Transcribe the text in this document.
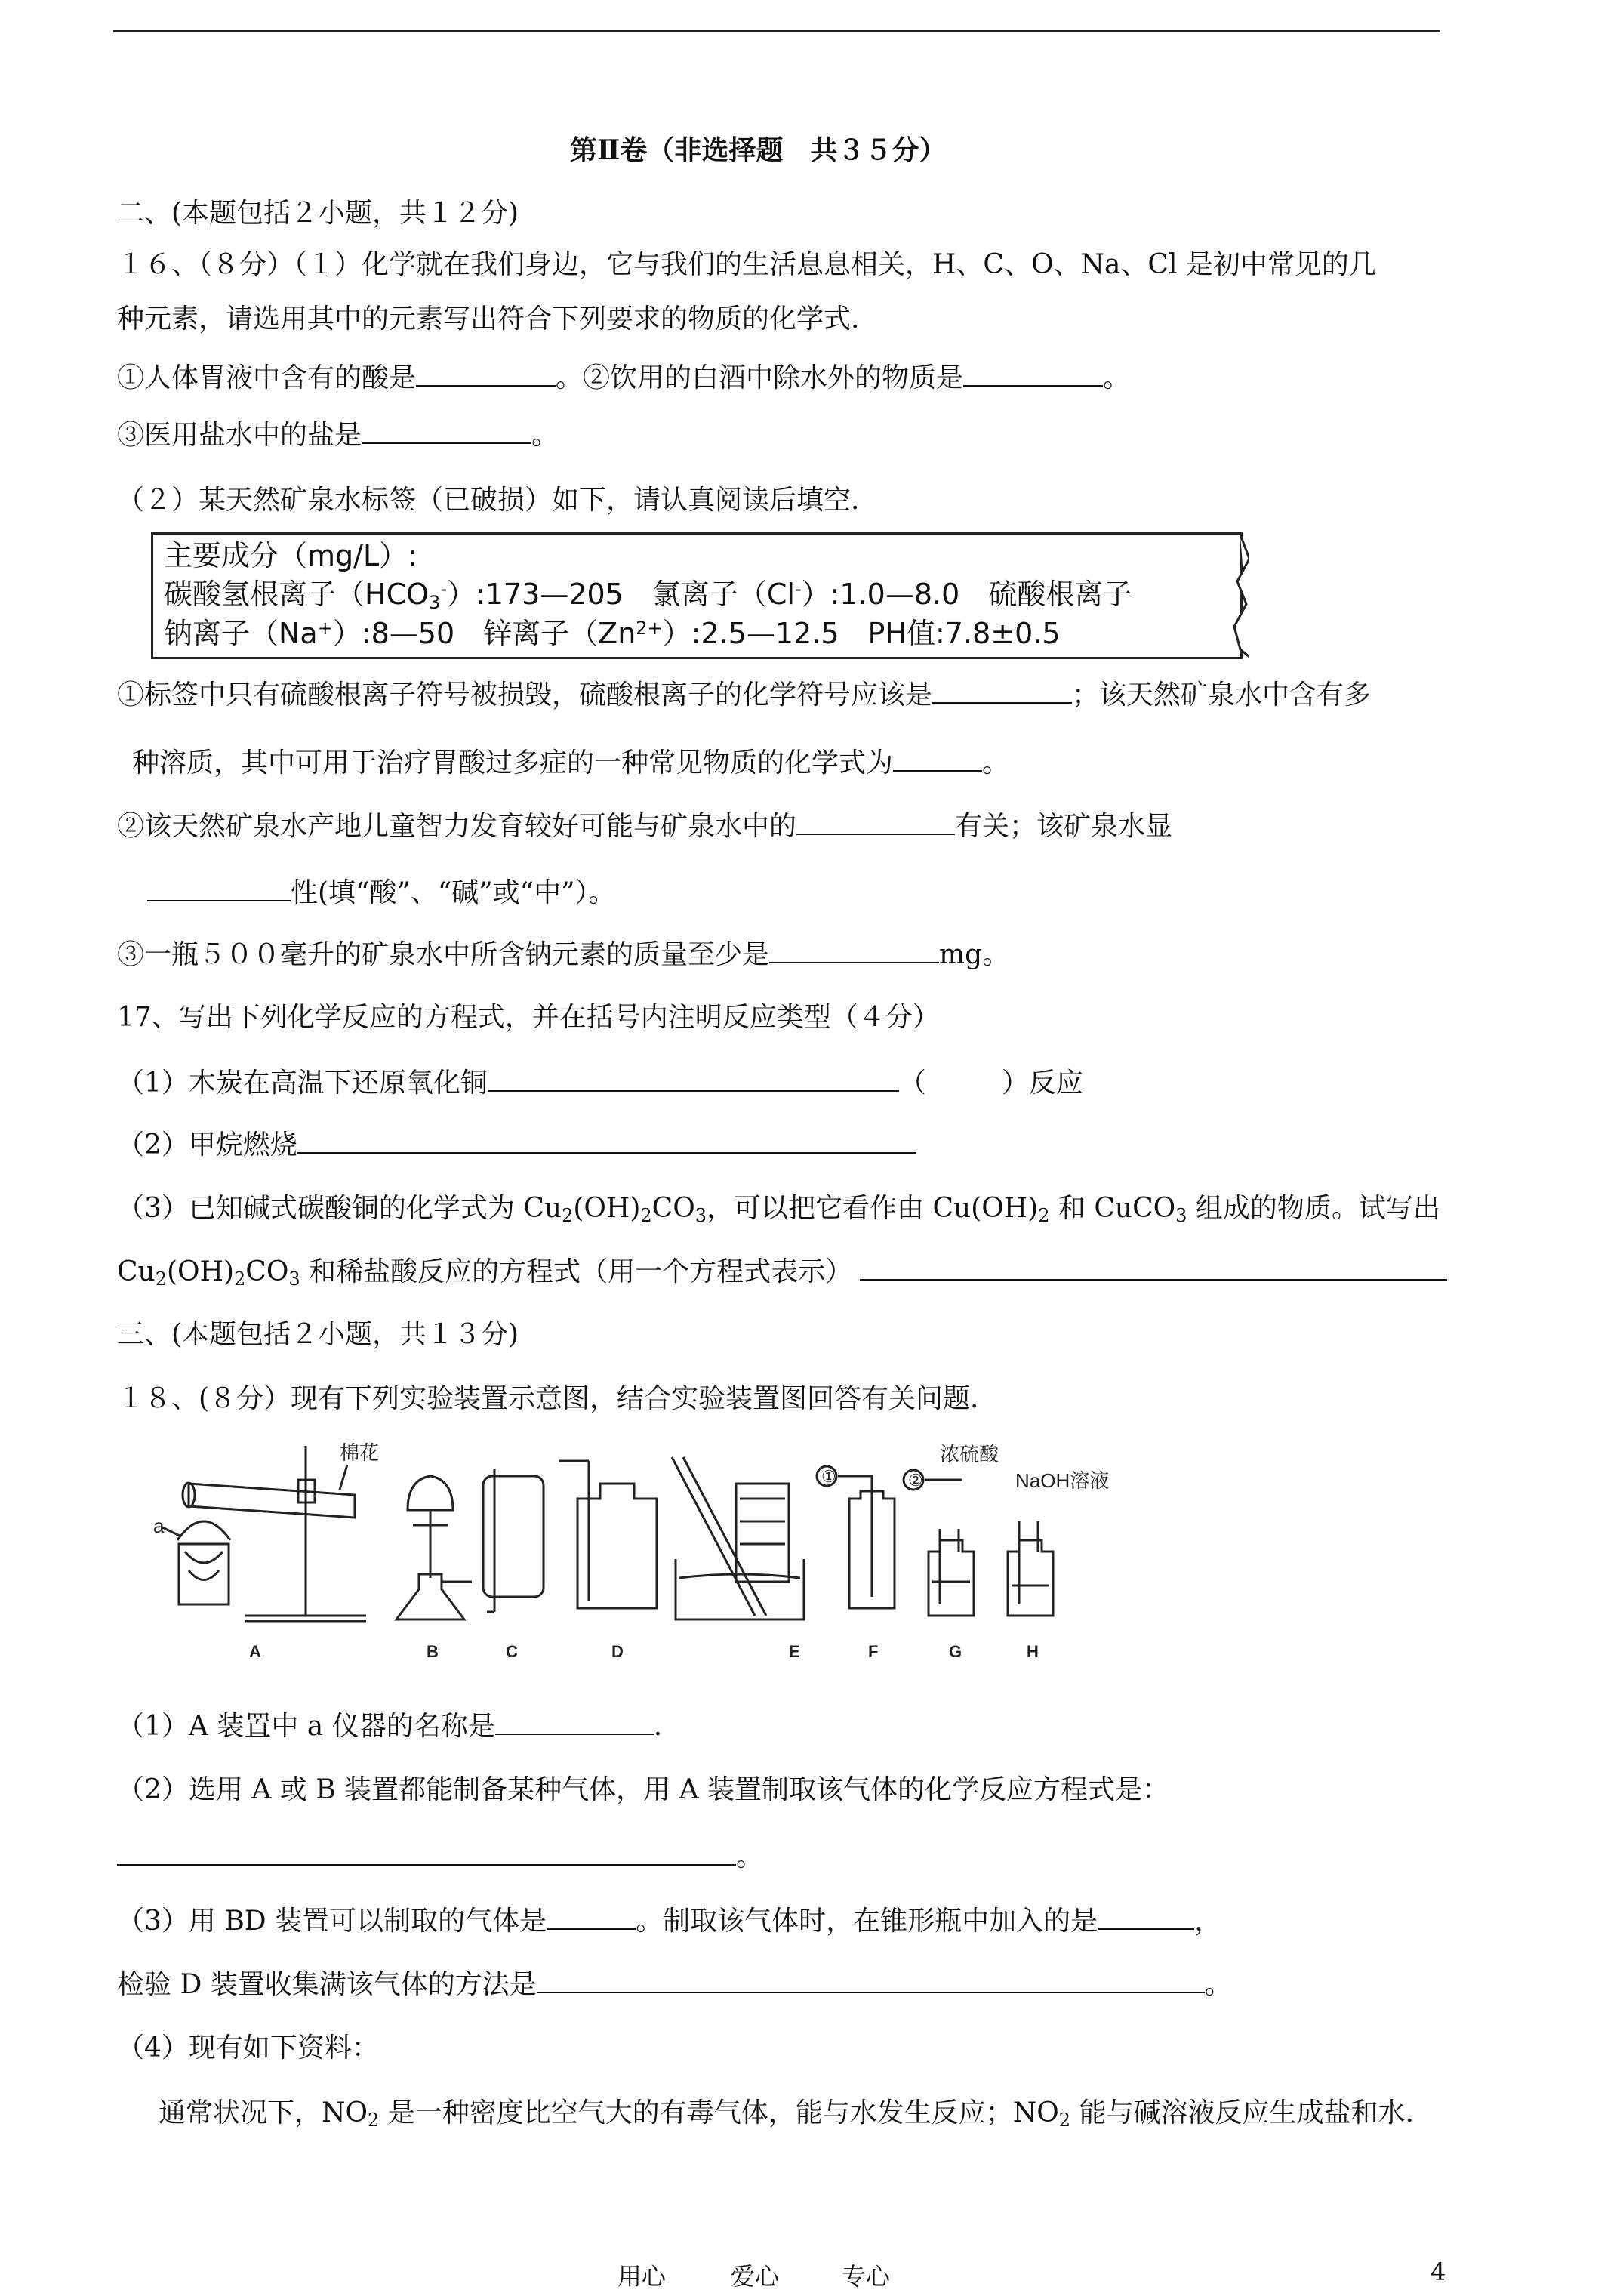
第Ⅱ卷（非选择题　共３５分）
二、(本题包括２小题，共１２分)
１６、（８分）（１）化学就在我们身边，它与我们的生活息息相关，H、C、O、Na、Cl 是初中常见的几
种元素，请选用其中的元素写出符合下列要求的物质的化学式.
①人体胃液中含有的酸是	。②饮用的白酒中除水外的物质是	。
③医用盐水中的盐是	。
（２）某天然矿泉水标签（已破损）如下，请认真阅读后填空.
主要成分（mg/L）:
碳酸氢根离子$(HCO_3^-):173—205$　氯离子（Cl-）:1.0—8.0　硫酸根离子
钠离子（Na+）:8—50　锌离子$(Zn^{2+}):2.5—12.5$　PH值:7.8±0.5
①标签中只有硫酸根离子符号被损毁，硫酸根离子的化学符号应该是	；该天然矿泉水中含有多
种溶质，其中可用于治疗胃酸过多症的一种常见物质的化学式为	。
②该天然矿泉水产地儿童智力发育较好可能与矿泉水中的	有关；该矿泉水显
性(填“酸”、“碱”或“中”）。
③一瓶５００毫升的矿泉水中所含钠元素的质量至少是	mg。
17、写出下列化学反应的方程式，并在括号内注明反应类型（４分）
（1）木炭在高温下还原氧化铜	（	）反应
（2）甲烷燃烧
（3）已知碱式碳酸铜的化学式为 $Cu_2(OH)_2CO_3$，可以把它看作由 $Cu(OH)_2$ 和 CuCO$_3$ 组成的物质。试写出
$Cu_2(OH)_2CO_3$ 和稀盐酸反应的方程式（用一个方程式表示）
三、(本题包括２小题，共１３分)
１８、(８分）现有下列实验装置示意图，结合实验装置图回答有关问题.
a
棉花
①	②
浓硫酸
NaOH溶液
A	B	C	D	E	F	G	H
（1）A 装置中 a 仪器的名称是	.
（2）选用 A 或 B 装置都能制备某种气体，用 A 装置制取该气体的化学反应方程式是：
。
（3）用 BD 装置可以制取的气体是	。制取该气体时，在锥形瓶中加入的是	，
检验 D 装置收集满该气体的方法是	。
（4）现有如下资料：
通常状况下，$NO_2$ 是一种密度比空气大的有毒气体，能与水发生反应；$NO_2$ 能与碱溶液反应生成盐和水.
用心	爱心	专心	4
